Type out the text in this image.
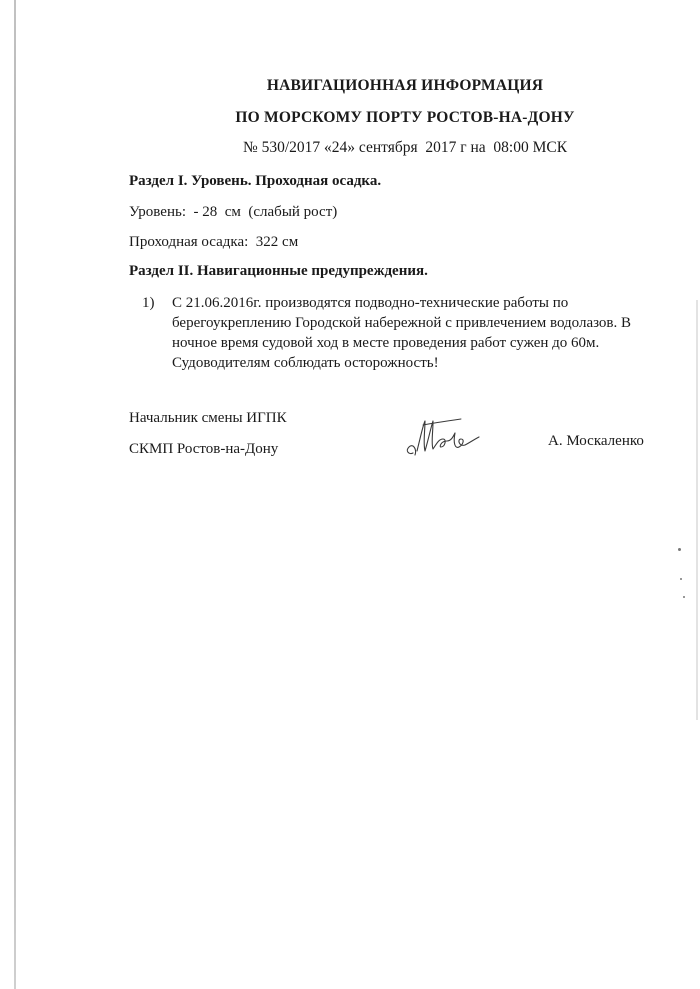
НАВИГАЦИОННАЯ ИНФОРМАЦИЯ
ПО МОРСКОМУ ПОРТУ РОСТОВ-НА-ДОНУ
№ 530/2017 «24» сентября  2017 г на  08:00 МСК
Раздел I. Уровень. Проходная осадка.
Уровень:  - 28  см  (слабый рост)
Проходная осадка:  322 см
Раздел II. Навигационные предупреждения.
1) С 21.06.2016г. производятся подводно-технические работы по берегоукреплению Городской набережной с привлечением водолазов. В ночное время судовой ход в месте проведения работ сужен до 60м. Судоводителям соблюдать осторожность!
Начальник смены ИГПК
СКМП Ростов-на-Дону	А. Москаленко
